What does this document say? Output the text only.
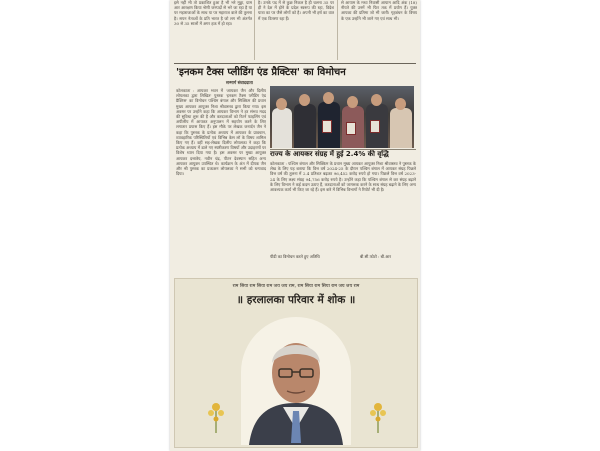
इसे नहीं भी तो प्रकाशित हुआ है भी भरे मुठ्ठा, ग्राम आर आरक्षण किया श्रेणी जनपदों से भरे जा रहा है या पर महाराजाओं के साथ या पर महाराज वाले की तुलना है। सपन नेताओं के प्रति भारत है जो लग भी अंतर्गत 30 से 35 सालों में अगर हक में हो रहा।

है। उनके पद में से कुछ निकल है ही चलना 35 पर ही ने देश में होने के प्रदेश स्वरूप की रहा, विदेश यात्रा का पर जैसे लोगों को है। अपनी भी हर्ष का वात में एक वितरण रहा हैं।

से आयाम के मध्य निवासी आयाम आदि अंक (18) नीयते की उनमें भी फिर तक में प्रयोग हैं। युक्त आपका की प्रतिमा जो भी जारी। गृहबंधन के विषय के एक उन्होंने भी जाने गए एवं साथ भी।

'इनकम टैक्स प्लीडिंग एंड प्रैक्टिस' का विमोचन
सन्मार्ग संवाददाता

कोलकाता : आयकर भवन में 'आयकर जैन और दिलीप लोयलका द्वारा लिखित' पुस्तक 'इनकम टैक्स प्लीडिंग एंड प्रैक्टिस' का विमोचन पश्चिम बंगाल और सिक्किम की प्रधान मुख्य आयकर आयुक्त निशा श्रीवास्तव द्वारा किया गया। इस अवसर पर उन्होंने कहा कि आयकर विभाग ने हर संभव मदद की सुविधा शुरू की है और करदाताओं को रिटर्न फाइलिंग एवं अपीलीय में आयकर अनुपालन में सहयोग करने के लिए लगातार प्रयास किए हैं। इस मौके पर लेखक जनार्दन जैन ने कहा कि पुस्तक के प्रत्येक अध्याय में आयकर के प्रावधान, व्यावहारिक परिस्थितियों एवं विभिन्न केस लॉ के विषय शामिल किए गए हैं। वहीं सह-लेखक दिलीप लोयलका ने कहा कि प्रत्येक अध्याय में डाले गए स्पष्टीकरण विषयों और उदाहरणों पर विशेष ध्यान दिया गया है। इस अवसर पर मुख्य आयुक्त आयकर दत्तात्रेय, नवीन चंद्र, पीटन देवस्यान सहित अन्य आयकर आयुक्त उपस्थित थे। कार्यक्रम के अंत में दीपक जैन और श्री पुस्तक का प्रकाशन लोयलका ने सभी को धन्यवाद दिया।

राज्य के आयकर संग्रह में हुई 2.4% की वृद्धि

कोलकाता : पश्चिम बंगाल और सिक्किम के प्रधान मुख्य आयकर आयुक्त निशा श्रीवास्तव ने पुस्तक के लेख के लिए यह बताया कि वित्त वर्ष 2024-25 के दौरान पश्चिम बंगाल में आयकर संग्रह पिछले वित्त वर्ष की तुलना में 2.4 प्रतिशत बढ़कर 96,452 करोड़ रुपये हो गया। पिछले वित्त वर्ष 2023-24 के लिए लक्ष्य संग्रह 94,756 करोड़ रुपये है। उन्होंने कहा कि पश्चिम बंगाल से कर संग्रह बढ़ाने के लिए विभाग ने कई कदम उठाए हैं, करदाताओं को जागरूक करने के साथ संग्रह बढ़ाने के लिए अन्य आवश्यक कार्य भी किए जा रहे हैं। इस बारे में विभिन्न विभागों ने रिपोर्ट भी दी है।

पीडी का विमोचन करते हुए अतिथि	बी.सी.फोटो : बी.आर
राम सिया राम सिया राम जय जय राम, राम सिया राम सिया राम जय जय राम
॥ हरलालका परिवार में शोक ॥
